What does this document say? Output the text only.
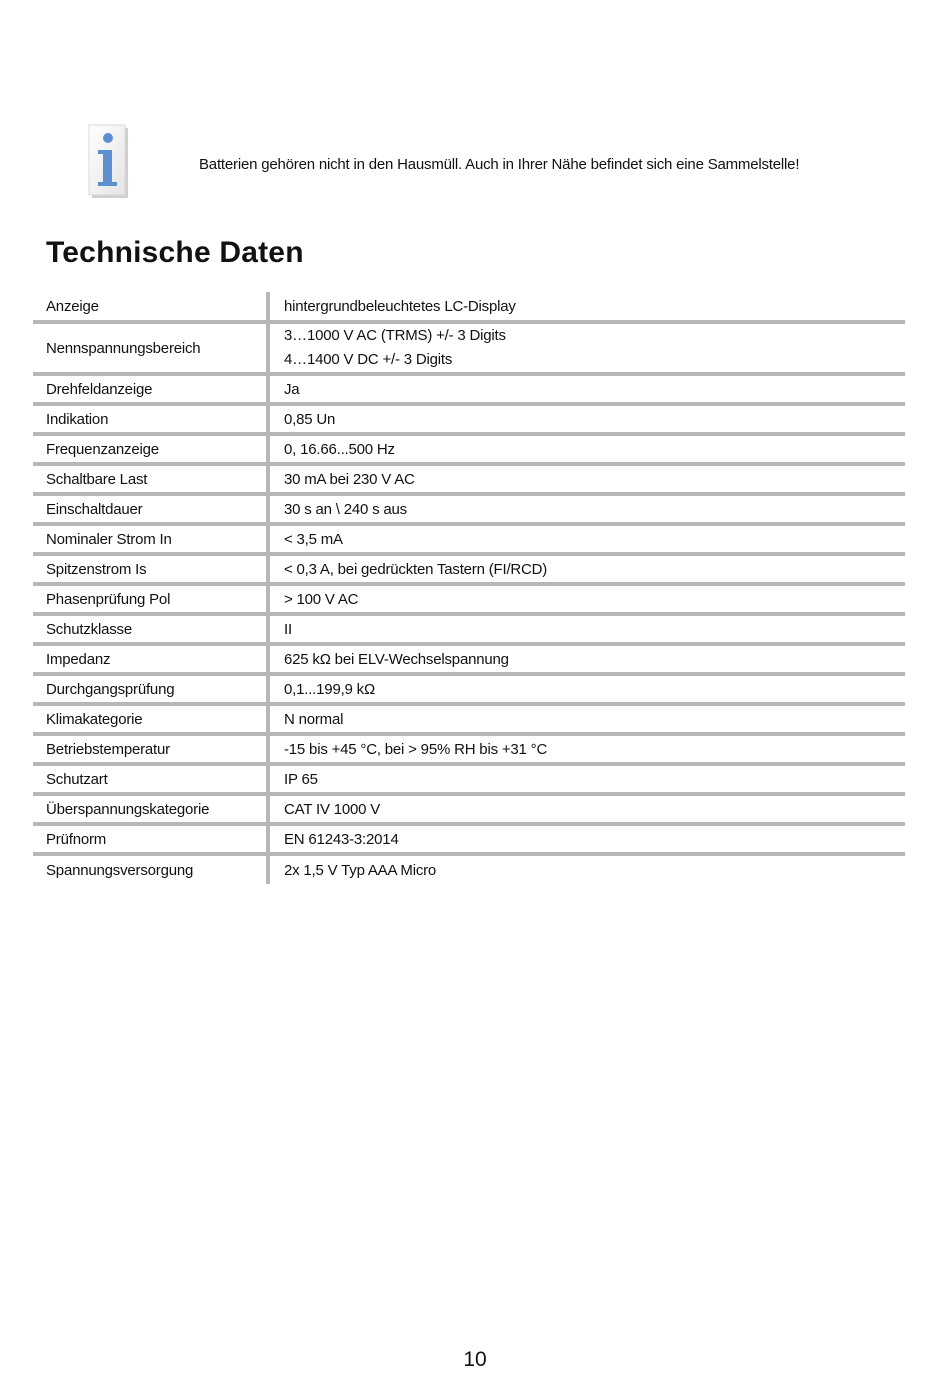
Batterien gehören nicht in den Hausmüll. Auch in Ihrer Nähe befindet sich eine Sammelstelle!
Technische Daten
Anzeige	hintergrundbeleuchtetes LC-Display
Nennspannungsbereich	3…1000 V AC (TRMS) +/- 3 Digits
4…1400 V DC +/- 3 Digits

Drehfeldanzeige	Ja
Indikation	0,85 Un
Frequenzanzeige	0, 16.66...500 Hz
Schaltbare Last	30 mA bei 230 V AC
Einschaltdauer	30 s an \ 240 s aus
Nominaler Strom In	< 3,5 mA
Spitzenstrom Is	< 0,3 A, bei gedrückten Tastern (FI/RCD)
Phasenprüfung Pol	> 100 V AC
Schutzklasse	II
Impedanz	625 kΩ bei ELV-Wechselspannung
Durchgangsprüfung	0,1...199,9 kΩ
Klimakategorie	N normal
Betriebstemperatur	-15 bis +45 °C, bei > 95% RH bis +31 °C
Schutzart	IP 65
Überspannungskategorie	CAT IV 1000 V
Prüfnorm	EN 61243-3:2014
Spannungsversorgung	2x 1,5 V Typ AAA Micro
10
